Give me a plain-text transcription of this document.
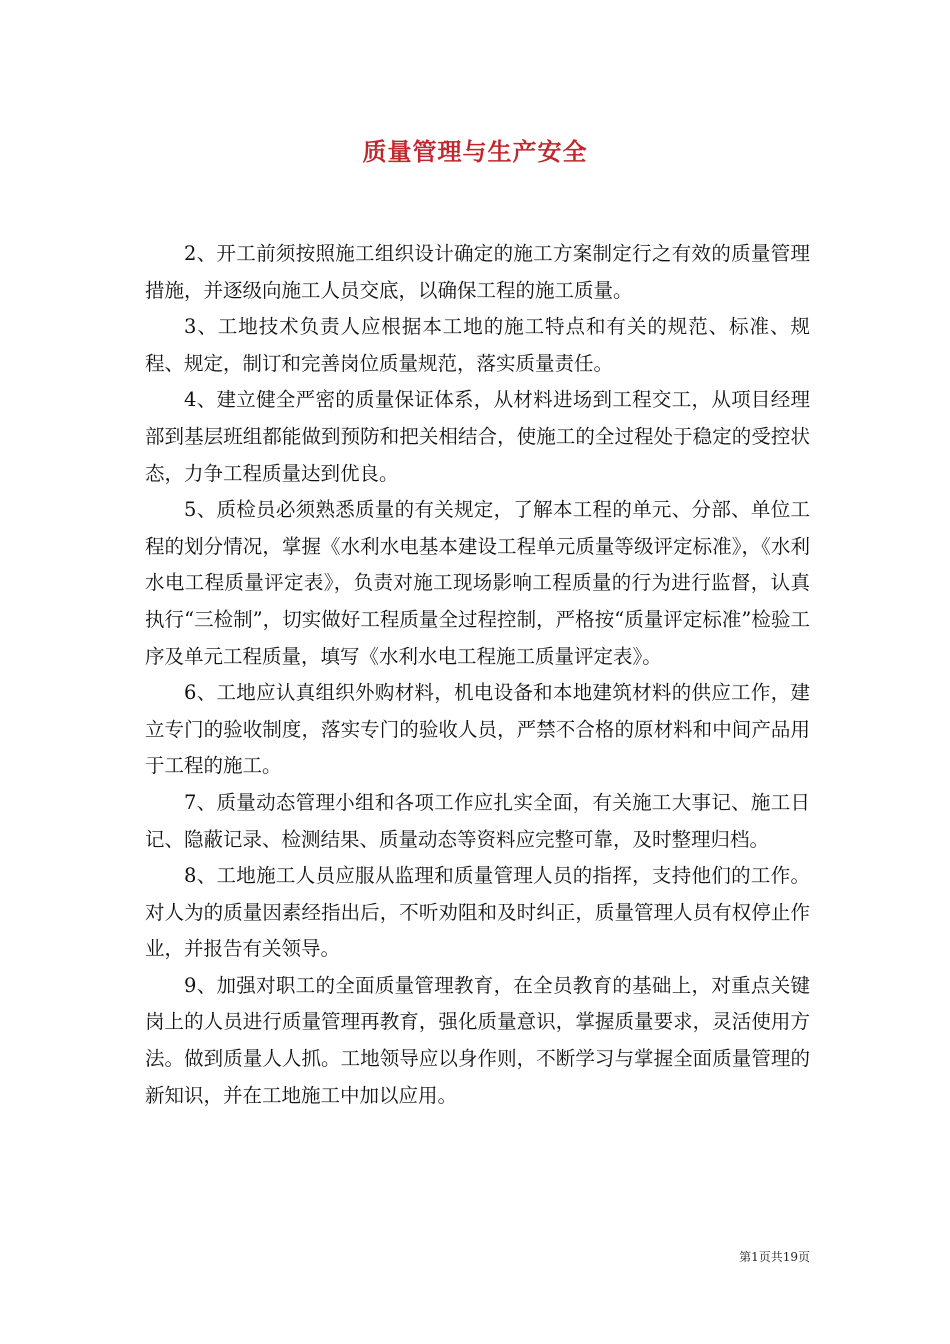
质量管理与生产安全

2、开工前须按照施工组织设计确定的施工方案制定行之有效的质量管理措施，并逐级向施工人员交底，以确保工程的施工质量。

3、工地技术负责人应根据本工地的施工特点和有关的规范、标准、规程、规定，制订和完善岗位质量规范，落实质量责任。

4、建立健全严密的质量保证体系，从材料进场到工程交工，从项目经理部到基层班组都能做到预防和把关相结合，使施工的全过程处于稳定的受控状态，力争工程质量达到优良。

5、质检员必须熟悉质量的有关规定，了解本工程的单元、分部、单位工程的划分情况，掌握《水利水电基本建设工程单元质量等级评定标准》，《水利水电工程质量评定表》，负责对施工现场影响工程质量的行为进行监督，认真执行“三检制”，切实做好工程质量全过程控制，严格按“质量评定标准”检验工序及单元工程质量，填写《水利水电工程施工质量评定表》。

6、工地应认真组织外购材料，机电设备和本地建筑材料的供应工作，建立专门的验收制度，落实专门的验收人员，严禁不合格的原材料和中间产品用于工程的施工。

7、质量动态管理小组和各项工作应扎实全面，有关施工大事记、施工日记、隐蔽记录、检测结果、质量动态等资料应完整可靠，及时整理归档。

8、工地施工人员应服从监理和质量管理人员的指挥，支持他们的工作。对人为的质量因素经指出后，不听劝阻和及时纠正，质量管理人员有权停止作业，并报告有关领导。

9、加强对职工的全面质量管理教育，在全员教育的基础上，对重点关键岗上的人员进行质量管理再教育，强化质量意识，掌握质量要求，灵活使用方法。做到质量人人抓。工地领导应以身作则，不断学习与掌握全面质量管理的新知识，并在工地施工中加以应用。

第1页共19页
